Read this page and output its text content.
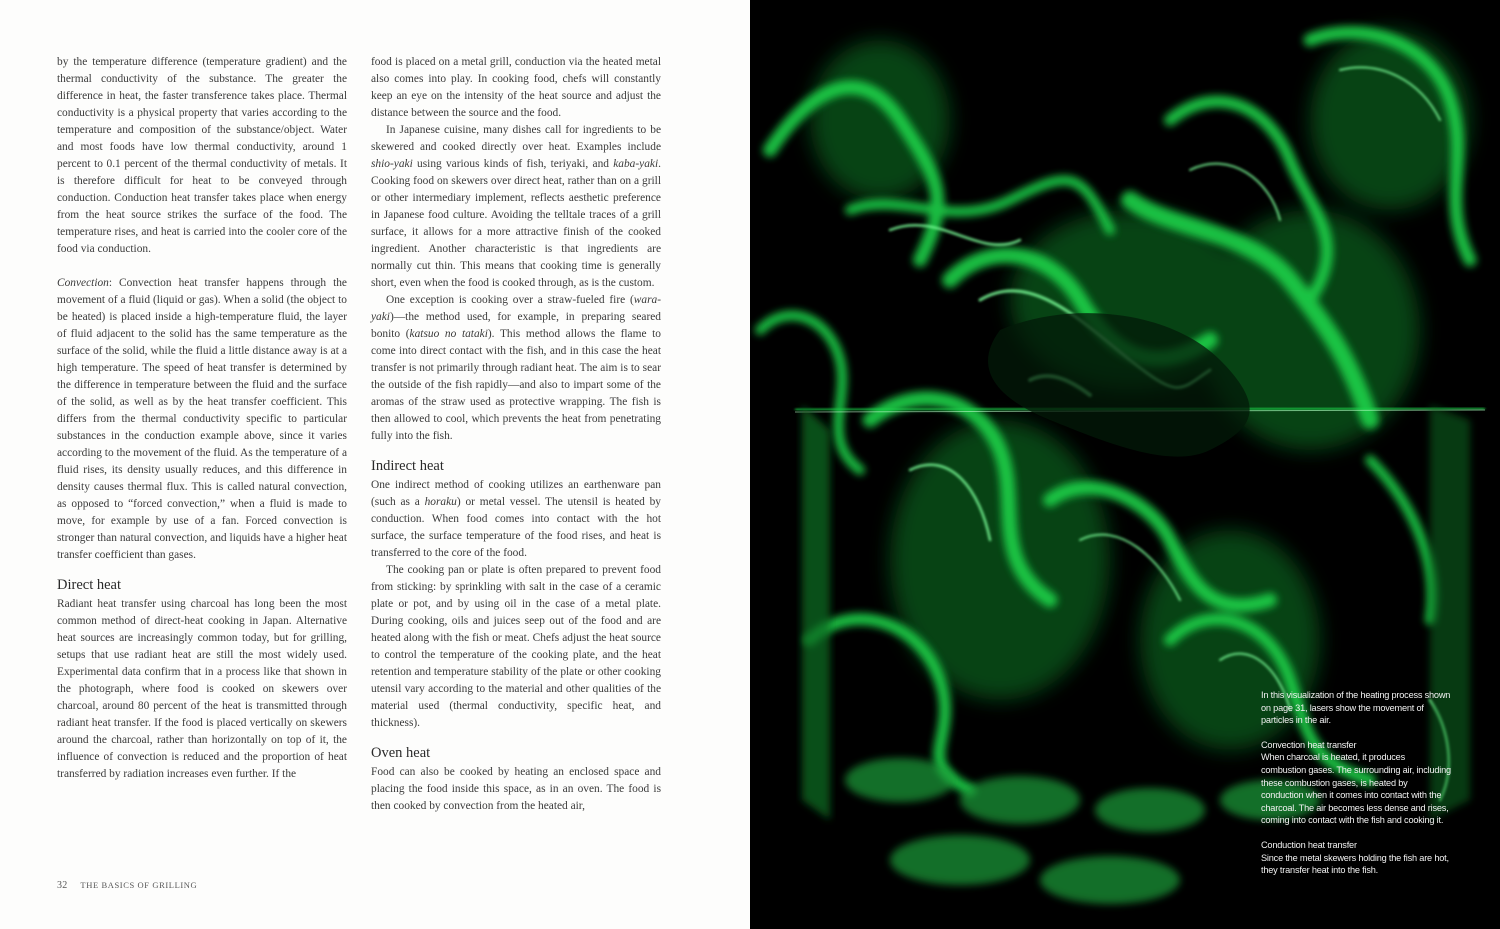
by the temperature difference (temperature gradient) and the thermal conductivity of the substance. The greater the difference in heat, the faster transference takes place. Thermal conductivity is a physical property that varies according to the temperature and composition of the substance/object. Water and most foods have low thermal conductivity, around 1 percent to 0.1 percent of the thermal conductivity of metals. It is therefore difficult for heat to be conveyed through conduction. Conduction heat transfer takes place when energy from the heat source strikes the surface of the food. The temperature rises, and heat is carried into the cooler core of the food via conduction.

Convection: Convection heat transfer happens through the movement of a fluid (liquid or gas). When a solid (the object to be heated) is placed inside a high-temperature fluid, the layer of fluid adjacent to the solid has the same temperature as the surface of the solid, while the fluid a little distance away is at a high temperature. The speed of heat transfer is determined by the difference in temperature between the fluid and the surface of the solid, as well as by the heat transfer coefficient. This differs from the thermal conductivity specific to particular substances in the conduction example above, since it varies according to the movement of the fluid. As the temperature of a fluid rises, its density usually reduces, and this difference in density causes thermal flux. This is called natural convection, as opposed to “forced convection,” when a fluid is made to move, for example by use of a fan. Forced convection is stronger than natural convection, and liquids have a higher heat transfer coefficient than gases.

Direct heat

Radiant heat transfer using charcoal has long been the most common method of direct-heat cooking in Japan. Alternative heat sources are increasingly common today, but for grilling, setups that use radiant heat are still the most widely used. Experimental data confirm that in a process like that shown in the photograph, where food is cooked on skewers over charcoal, around 80 percent of the heat is transmitted through radiant heat transfer. If the food is placed vertically on skewers around the charcoal, rather than horizontally on top of it, the influence of convection is reduced and the proportion of heat transferred by radiation increases even further. If the

food is placed on a metal grill, conduction via the heated metal also comes into play. In cooking food, chefs will constantly keep an eye on the intensity of the heat source and adjust the distance between the source and the food.

In Japanese cuisine, many dishes call for ingredients to be skewered and cooked directly over heat. Examples include shio-yaki using various kinds of fish, teriyaki, and kaba-yaki. Cooking food on skewers over direct heat, rather than on a grill or other intermediary implement, reflects aesthetic preference in Japanese food culture. Avoiding the telltale traces of a grill surface, it allows for a more attractive finish of the cooked ingredient. Another characteristic is that ingredients are normally cut thin. This means that cooking time is generally short, even when the food is cooked through, as is the custom.

One exception is cooking over a straw-fueled fire (wara-yaki)—the method used, for example, in preparing seared bonito (katsuo no tataki). This method allows the flame to come into direct contact with the fish, and in this case the heat transfer is not primarily through radiant heat. The aim is to sear the outside of the fish rapidly—and also to impart some of the aromas of the straw used as protective wrapping. The fish is then allowed to cool, which prevents the heat from penetrating fully into the fish.

Indirect heat

One indirect method of cooking utilizes an earthenware pan (such as a horaku) or metal vessel. The utensil is heated by conduction. When food comes into contact with the hot surface, the surface temperature of the food rises, and heat is transferred to the core of the food.

The cooking pan or plate is often prepared to prevent food from sticking: by sprinkling with salt in the case of a ceramic plate or pot, and by using oil in the case of a metal plate. During cooking, oils and juices seep out of the food and are heated along with the fish or meat. Chefs adjust the heat source to control the temperature of the cooking plate, and the heat retention and temperature stability of the plate or other cooking utensil vary according to the material and other qualities of the material used (thermal conductivity, specific heat, and thickness).

Oven heat

Food can also be cooked by heating an enclosed space and placing the food inside this space, as in an oven. The food is then cooked by convection from the heated air,

32 THE BASICS OF GRILLING

In this visualization of the heating process shown on page 31, lasers show the movement of particles in the air.

Convection heat transfer
When charcoal is heated, it produces combustion gases. The surrounding air, including these combustion gases, is heated by conduction when it comes into contact with the charcoal. The air becomes less dense and rises, coming into contact with the fish and cooking it.

Conduction heat transfer
Since the metal skewers holding the fish are hot, they transfer heat into the fish.
